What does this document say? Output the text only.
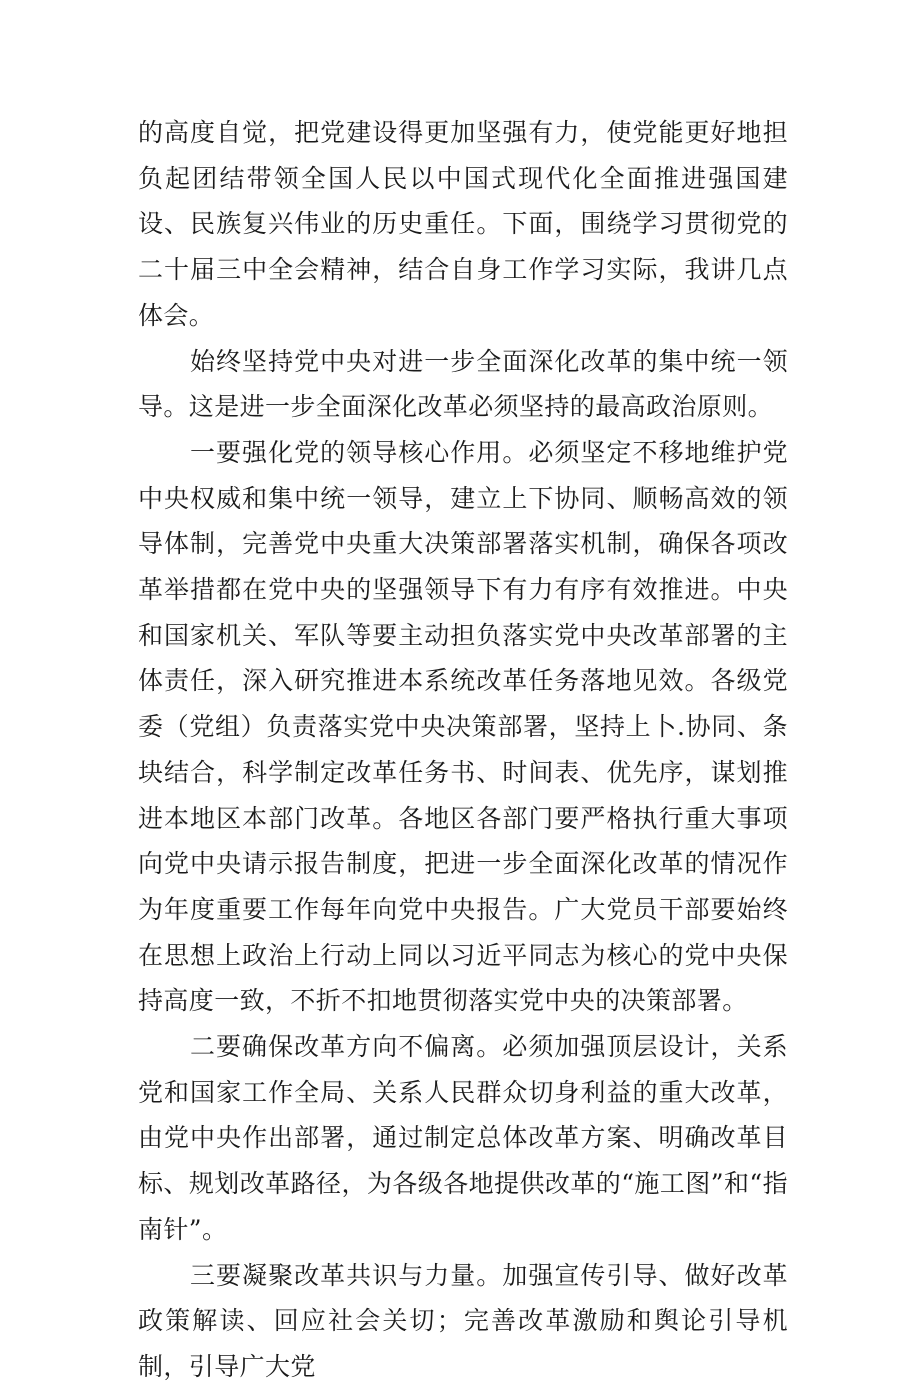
的高度自觉，把党建设得更加坚强有力，使党能更好地担负起团结带领全国人民以中国式现代化全面推进强国建设、民族复兴伟业的历史重任。下面，围绕学习贯彻党的二十届三中全会精神，结合自身工作学习实际，我讲几点体会。

始终坚持党中央对进一步全面深化改革的集中统一领导。这是进一步全面深化改革必须坚持的最高政治原则。

一要强化党的领导核心作用。必须坚定不移地维护党中央权威和集中统一领导，建立上下协同、顺畅高效的领导体制，完善党中央重大决策部署落实机制，确保各项改革举措都在党中央的坚强领导下有力有序有效推进。中央和国家机关、军队等要主动担负落实党中央改革部署的主体责任，深入研究推进本系统改革任务落地见效。各级党委（党组）负责落实党中央决策部署，坚持上卜.协同、条块结合，科学制定改革任务书、时间表、优先序，谋划推进本地区本部门改革。各地区各部门要严格执行重大事项向党中央请示报告制度，把进一步全面深化改革的情况作为年度重要工作每年向党中央报告。广大党员干部要始终在思想上政治上行动上同以习近平同志为核心的党中央保持高度一致，不折不扣地贯彻落实党中央的决策部署。

二要确保改革方向不偏离。必须加强顶层设计，关系党和国家工作全局、关系人民群众切身利益的重大改革，由党中央作出部署，通过制定总体改革方案、明确改革目标、规划改革路径，为各级各地提供改革的“施工图”和“指南针”。

三要凝聚改革共识与力量。加强宣传引导、做好改革政策解读、回应社会关切；完善改革激励和舆论引导机制，引导广大党
